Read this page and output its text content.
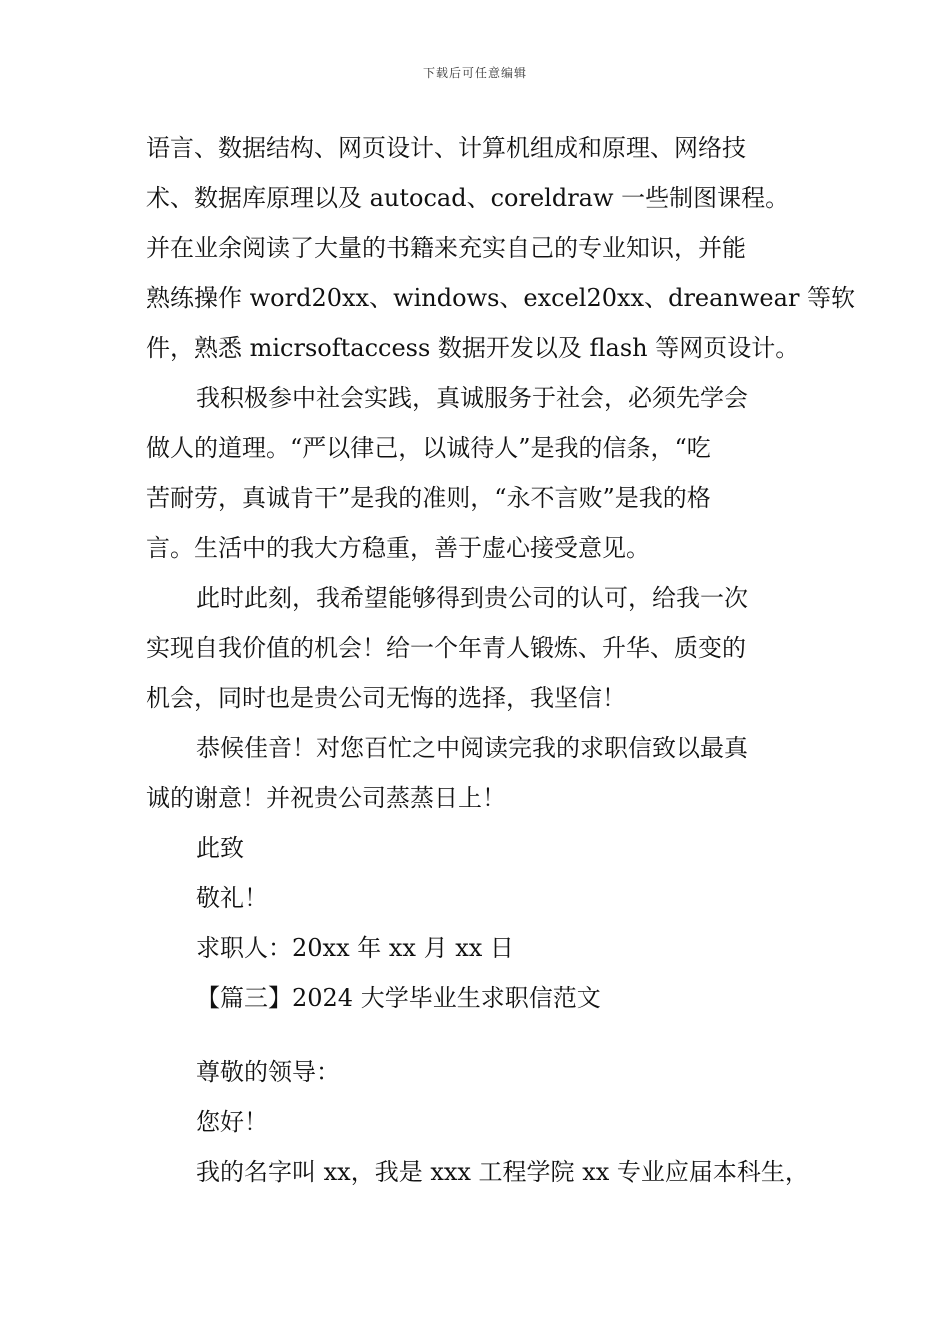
下载后可任意编辑
语言、数据结构、网页设计、计算机组成和原理、网络技
术、数据库原理以及 autocad、coreldraw 一些制图课程。
并在业余阅读了大量的书籍来充实自己的专业知识，并能
熟练操作 word20xx、windows、excel20xx、dreanwear 等软
件，熟悉 micrsoftaccess 数据开发以及 flash 等网页设计。
我积极参中社会实践，真诚服务于社会，必须先学会
做人的道理。“严以律己，以诚待人”是我的信条，“吃
苦耐劳，真诚肯干”是我的准则，“永不言败”是我的格
言。生活中的我大方稳重，善于虚心接受意见。
此时此刻，我希望能够得到贵公司的认可，给我一次
实现自我价值的机会！给一个年青人锻炼、升华、质变的
机会，同时也是贵公司无悔的选择，我坚信！
恭候佳音！对您百忙之中阅读完我的求职信致以最真
诚的谢意！并祝贵公司蒸蒸日上！
此致
敬礼！
求职人：20xx 年 xx 月 xx 日
【篇三】2024 大学毕业生求职信范文
尊敬的领导：
您好！
我的名字叫 xx，我是 xxx 工程学院 xx 专业应届本科生，
